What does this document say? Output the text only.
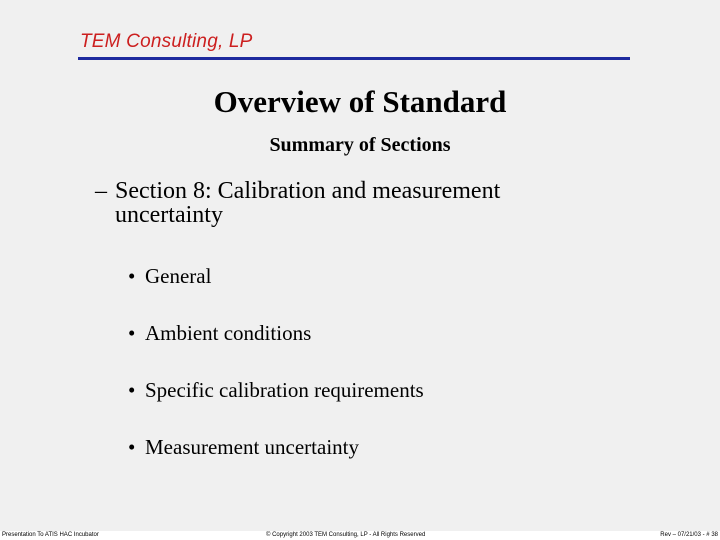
TEM Consulting, LP
Overview of Standard
Summary of Sections
– Section 8: Calibration and measurement
uncertainty
• General
• Ambient conditions
• Specific calibration requirements
• Measurement uncertainty
Presentation To ATIS HAC Incubator	© Copyright 2003 TEM Consulting, LP - All Rights Reserved	Rev – 07/21/03 - # 38
